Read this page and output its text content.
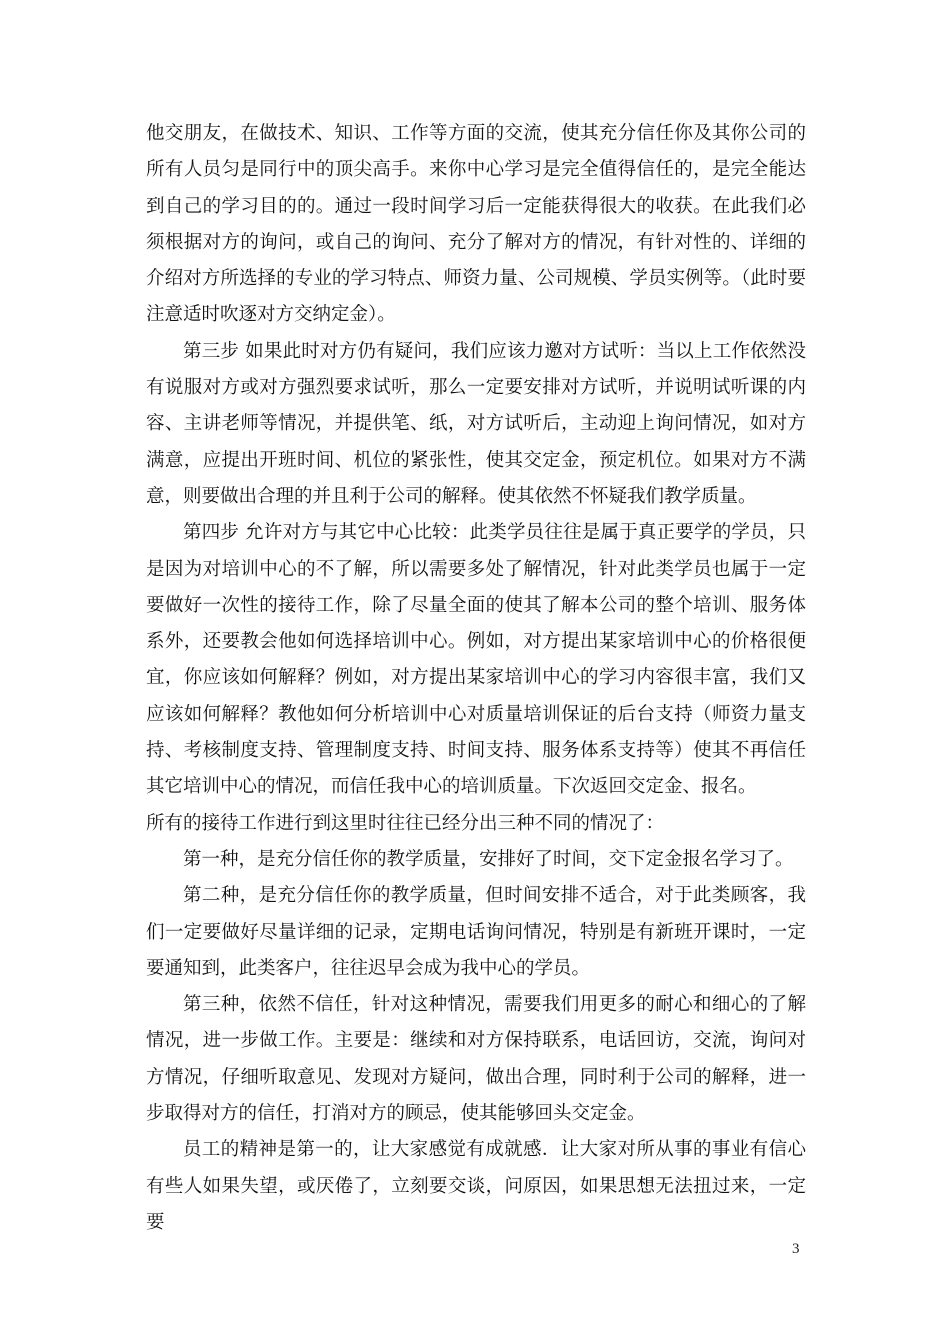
他交朋友，在做技术、知识、工作等方面的交流，使其充分信任你及其你公司的所有人员匀是同行中的顶尖高手。来你中心学习是完全值得信任的，是完全能达到自己的学习目的的。通过一段时间学习后一定能获得很大的收获。在此我们必须根据对方的询问，或自己的询问、充分了解对方的情况，有针对性的、详细的介绍对方所选择的专业的学习特点、师资力量、公司规模、学员实例等。（此时要注意适时吹逐对方交纳定金）。

第三步 如果此时对方仍有疑问，我们应该力邀对方试听：当以上工作依然没有说服对方或对方强烈要求试听，那么一定要安排对方试听，并说明试听课的内容、主讲老师等情况，并提供笔、纸，对方试听后，主动迎上询问情况，如对方满意，应提出开班时间、机位的紧张性，使其交定金，预定机位。如果对方不满意，则要做出合理的并且利于公司的解释。使其依然不怀疑我们教学质量。

第四步 允许对方与其它中心比较：此类学员往往是属于真正要学的学员，只是因为对培训中心的不了解，所以需要多处了解情况，针对此类学员也属于一定要做好一次性的接待工作，除了尽量全面的使其了解本公司的整个培训、服务体系外，还要教会他如何选择培训中心。例如，对方提出某家培训中心的价格很便宜，你应该如何解释？例如，对方提出某家培训中心的学习内容很丰富，我们又应该如何解释？教他如何分析培训中心对质量培训保证的后台支持（师资力量支持、考核制度支持、管理制度支持、时间支持、服务体系支持等）使其不再信任其它培训中心的情况，而信任我中心的培训质量。下次返回交定金、报名。

所有的接待工作进行到这里时往往已经分出三种不同的情况了：

第一种，是充分信任你的教学质量，安排好了时间，交下定金报名学习了。

第二种，是充分信任你的教学质量，但时间安排不适合，对于此类顾客，我们一定要做好尽量详细的记录，定期电话询问情况，特别是有新班开课时，一定要通知到，此类客户，往往迟早会成为我中心的学员。

第三种，依然不信任，针对这种情况，需要我们用更多的耐心和细心的了解情况，进一步做工作。主要是：继续和对方保持联系，电话回访，交流，询问对方情况，仔细听取意见、发现对方疑问，做出合理，同时利于公司的解释，进一步取得对方的信任，打消对方的顾忌，使其能够回头交定金。

员工的精神是第一的，让大家感觉有成就感．让大家对所从事的事业有信心有些人如果失望，或厌倦了，立刻要交谈，问原因，如果思想无法扭过来，一定要

3
